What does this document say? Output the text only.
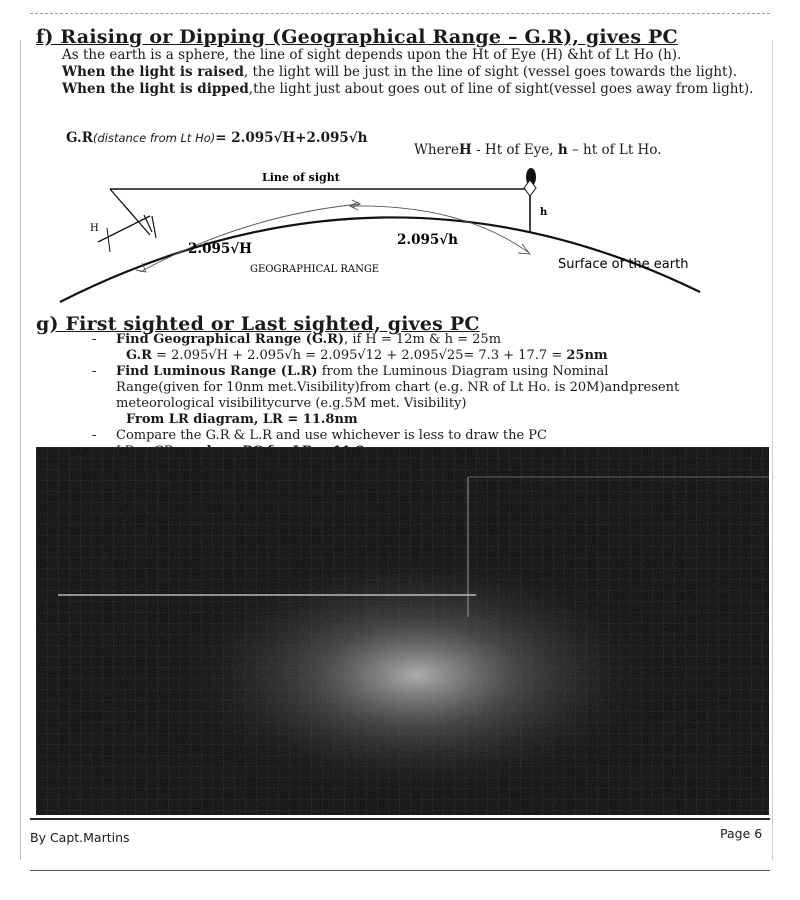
f) Raising or Dipping (Geographical Range – G.R), gives PC
As the earth is a sphere, the line of sight depends upon the Ht of Eye (H) &ht of Lt Ho (h).
When the light is raised, the light will be just in the line of sight (vessel goes towards the light).
When the light is dipped,the light just about goes out of line of sight(vessel goes away from light).
G.R(distance from Lt Ho)= 2.095√H+2.095√h
WhereH - Ht of Eye, h – ht of Lt Ho.
Line of sight
H
h
2.095√H
2.095√h
GEOGRAPHICAL RANGE	Surface of the earth
g) First sighted or Last sighted, gives PC
- Find Geographical Range (G.R), if H = 12m & h = 25m
G.R = 2.095√H + 2.095√h = 2.095√12 + 2.095√25= 7.3 + 17.7 = 25nm
- Find Luminous Range (L.R) from the Luminous Diagram using Nominal
Range(given for 10nm met.Visibility)from chart (e.g. NR of Lt Ho. is 20M)andpresent
meteorological visibilitycurve (e.g.5M met. Visibility)
From LR diagram, LR = 11.8nm
- Compare the G.R & L.R and use whichever is less to draw the PC
By Capt.Martins	Page 6
